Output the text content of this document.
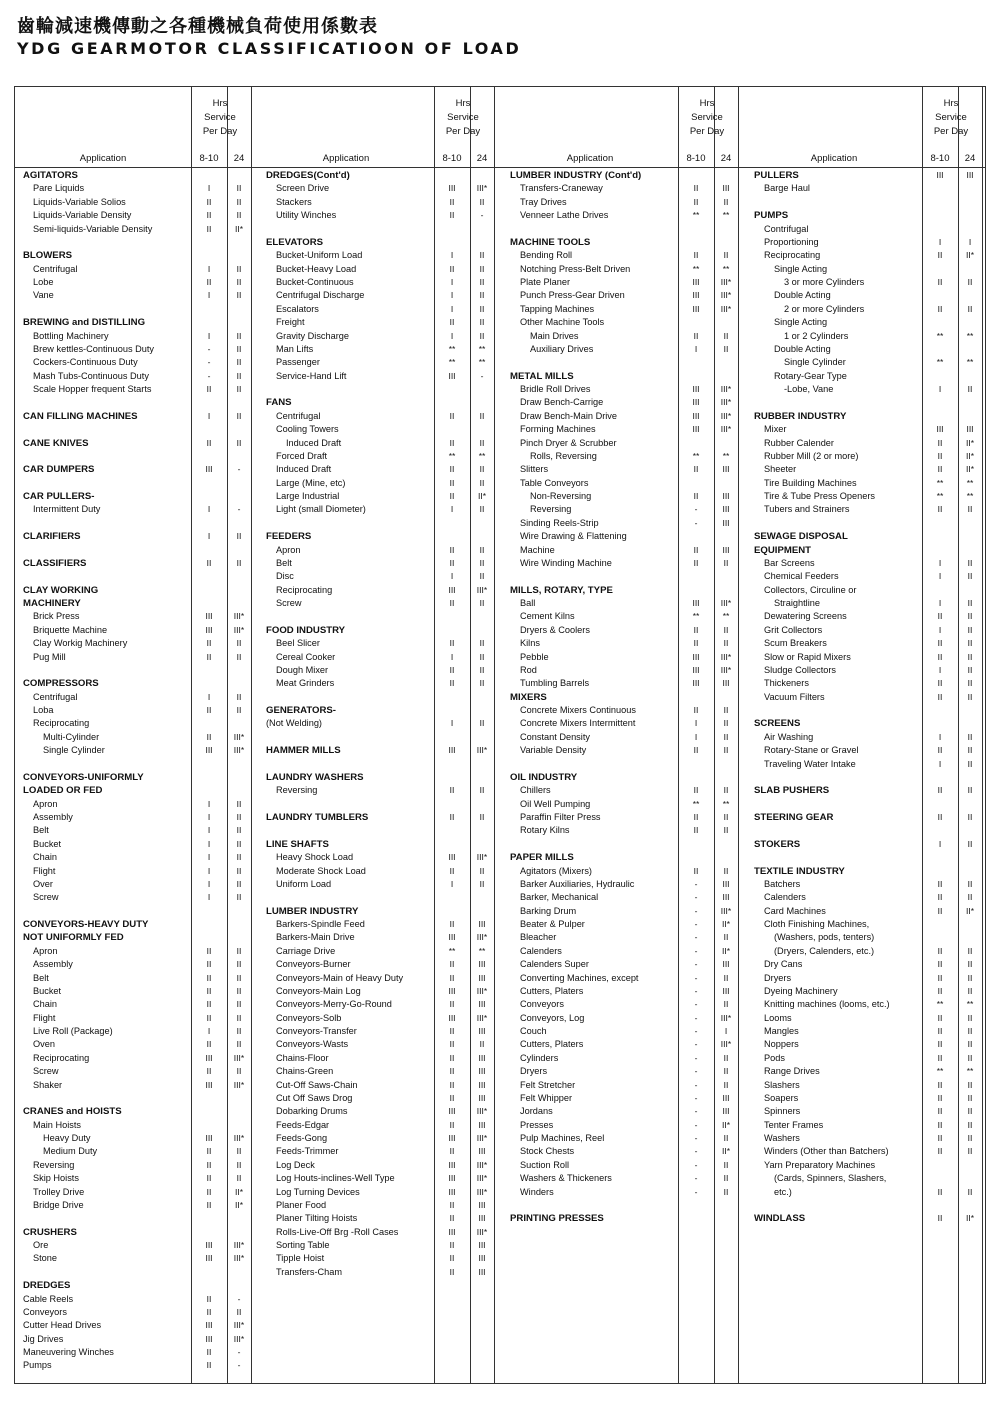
齒輪減速機傳動之各種機械負荷使用係數表
YDG GEARMOTOR CLASSIFICATIOON OF LOAD
Hrs
Service
Per Day
Application	8-10	24
AGITATORS
Pare Liquids	I	II
Liquids-Variable Solios	II	II
Liquids-Variable Density	II	II
Semi-liquids-Variable Density	II	II*
BLOWERS
Centrifugal	I	II
Lobe	II	II
Vane	I	II
BREWING and DISTILLING
Bottling Machinery	I	II
Brew kettles-Continuous Duty	-	II
Cockers-Continuous Duty	-	II
Mash Tubs-Continuous Duty	-	II
Scale Hopper frequent Starts	II	II
CAN FILLING MACHINES	I	II
CANE KNIVES	II	II
CAR DUMPERS	III	-
CAR PULLERS-
Intermittent Duty	I	-
CLARIFIERS	I	II
CLASSIFIERS	II	II
CLAY WORKING
MACHINERY
Brick Press	III	III*
Briquette Machine	III	III*
Clay Workig Machinery	II	II
Pug Mill	II	II
COMPRESSORS
Centrifugal	I	II
Loba	II	II
Reciprocating
Multi-Cylinder	II	III*
Single Cylinder	III	III*
CONVEYORS-UNIFORMLY
LOADED OR FED
Apron	I	II
Assembly	I	II
Belt	I	II
Bucket	I	II
Chain	I	II
Flight	I	II
Over	I	II
Screw	I	II
CONVEYORS-HEAVY DUTY
NOT UNIFORMLY FED
Apron	II	II
Assembly	II	II
Belt	II	II
Bucket	II	II
Chain	II	II
Flight	II	II
Live Roll (Package)	I	II
Oven	II	II
Reciprocating	III	III*
Screw	II	II
Shaker	III	III*
CRANES and HOISTS
Main Hoists
Heavy Duty	III	III*
Medium Duty	II	II
Reversing	II	II
Skip Hoists	II	II
Trolley Drive	II	II*
Bridge Drive	II	II*
CRUSHERS
Ore	III	III*
Stone	III	III*
DREDGES
Cable Reels	II	-
Conveyors	II	II
Cutter Head Drives	III	III*
Jig Drives	III	III*
Maneuvering Winches	II	-
Pumps	II	-
Hrs
Service
Per Day
Application	8-10	24
DREDGES(Cont'd)
Screen Drive	III	III*
Stackers	II	II
Utility Winches	II	-
ELEVATORS
Bucket-Uniform Load	I	II
Bucket-Heavy Load	II	II
Bucket-Continuous	I	II
Centrifugal Discharge	I	II
Escalators	I	II
Freight	II	II
Gravity Discharge	I	II
Man Lifts	**	**
Passenger	**	**
Service-Hand Lift	III	-
FANS
Centrifugal	II	II
Cooling Towers
Induced Draft	II	II
Forced Draft	**	**
Induced Draft	II	II
Large (Mine, etc)	II	II
Large Industrial	II	II*
Light (small Diometer)	I	II
FEEDERS
Apron	II	II
Belt	II	II
Disc	I	II
Reciprocating	III	III*
Screw	II	II
FOOD INDUSTRY
Beel Slicer	II	II
Cereal Cooker	I	II
Dough Mixer	II	II
Meat Grinders	II	II
GENERATORS-
(Not Welding)	I	II
HAMMER MILLS	III	III*
LAUNDRY WASHERS
Reversing	II	II
LAUNDRY TUMBLERS	II	II
LINE SHAFTS
Heavy Shock Load	III	III*
Moderate Shock Load	II	II
Uniform Load	I	II
LUMBER INDUSTRY
Barkers-Spindle Feed	II	III
Barkers-Main Drive	III	III*
Carriage Drive	**	**
Conveyors-Burner	II	III
Conveyors-Main of Heavy Duty	II	III
Conveyors-Main Log	III	III*
Conveyors-Merry-Go-Round	II	III
Conveyors-Solb	III	III*
Conveyors-Transfer	II	III
Conveyors-Wasts	II	II
Chains-Floor	II	III
Chains-Green	II	III
Cut-Off Saws-Chain	II	III
Cut Off Saws Drog	II	III
Dobarking Drums	III	III*
Feeds-Edgar	II	III
Feeds-Gong	III	III*
Feeds-Trimmer	II	III
Log Deck	III	III*
Log Houts-inclines-Well Type	III	III*
Log Turning Devices	III	III*
Planer Food	II	III
Planer Tilting Hoists	II	III
Rolls-Live-Off Brg -Roll Cases	III	III*
Sorting Table	II	III
Tipple Hoist	II	III
Transfers-Cham	II	III
Hrs
Service
Per Day
Application	8-10	24
LUMBER INDUSTRY (Cont'd)
Transfers-Craneway	II	III
Tray Drives	II	II
Venneer Lathe Drives	**	**
MACHINE TOOLS
Bending Roll	II	II
Notching Press-Belt Driven	**	**
Plate Planer	III	III*
Punch Press-Gear Driven	III	III*
Tapping Machines	III	III*
Other Machine Tools
Main Drives	II	II
Auxiliary Drives	I	II
METAL MILLS
Bridle Roll Drives	III	III*
Draw Bench-Carrige	III	III*
Draw Bench-Main Drive	III	III*
Forming Machines	III	III*
Pinch Dryer & Scrubber
Rolls, Reversing	**	**
Slitters	II	III
Table Conveyors
Non-Reversing	II	III
Reversing	-	III
Sinding Reels-Strip	-	III
Wire Drawing & Flattening
Machine	II	III
Wire Winding Machine	II	II
MILLS, ROTARY, TYPE
Ball	III	III*
Cement Kilns	**	**
Dryers & Coolers	II	II
Kilns	II	II
Pebble	III	III*
Rod	III	III*
Tumbling Barrels	III	III
MIXERS
Concrete Mixers Continuous	II	II
Concrete Mixers Intermittent	I	II
Constant Density	I	II
Variable Density	II	II
OIL INDUSTRY
Chillers	II	II
Oil Well Pumping	**	**
Paraffin Filter Press	II	II
Rotary Kilns	II	II
PAPER MILLS
Agitators (Mixers)	II	II
Barker Auxiliaries, Hydraulic	-	III
Barker, Mechanical	-	III
Barking Drum	-	III*
Beater & Pulper	-	II*
Bleacher	-	II
Calenders	-	II*
Calenders Super	-	III
Converting Machines, except	-	II
Cutters, Platers	-	III
Conveyors	-	II
Conveyors, Log	-	III*
Couch	-	I
Cutters, Platers	-	III*
Cylinders	-	II
Dryers	-	II
Felt Stretcher	-	II
Felt Whipper	-	III
Jordans	-	III
Presses	-	II*
Pulp Machines, Reel	-	II
Stock Chests	-	II*
Suction Roll	-	II
Washers & Thickeners	-	II
Winders	-	II
PRINTING PRESSES
Hrs
Service
Per Day
Application	8-10	24
PULLERS	III	III
Barge Haul
PUMPS
Contrifugal
Proportioning	I	I
Reciprocating	II	II*
Single Acting
3 or more Cylinders	II	II
Double Acting
2 or more Cylinders	II	II
Single Acting
1 or 2 Cylinders	**	**
Double Acting
Single Cylinder	**	**
Rotary-Gear Type
-Lobe, Vane	I	II
RUBBER INDUSTRY
Mixer	III	III
Rubber Calender	II	II*
Rubber Mill (2 or more)	II	II*
Sheeter	II	II*
Tire Building Machines	**	**
Tire & Tube Press Openers	**	**
Tubers and Strainers	II	II
SEWAGE DISPOSAL
EQUIPMENT
Bar Screens	I	II
Chemical Feeders	I	II
Collectors, Circuline or
Straightline	I	II
Dewatering Screens	II	II
Grit Collectors	I	II
Scum Breakers	II	II
Slow or Rapid Mixers	II	II
Sludge Collectors	I	II
Thickeners	II	II
Vacuum Filters	II	II
SCREENS
Air Washing	I	II
Rotary-Stane or Gravel	II	II
Traveling Water Intake	I	II
SLAB PUSHERS	II	II
STEERING GEAR	II	II
STOKERS	I	II
TEXTILE INDUSTRY
Batchers	II	II
Calenders	II	II
Card Machines	II	II*
Cloth Finishing Machines,
(Washers, pods, tenters)
(Dryers, Calenders, etc.)	II	II
Dry Cans	II	II
Dryers	II	II
Dyeing Machinery	II	II
Knitting machines (looms, etc.)	**	**
Looms	II	II
Mangles	II	II
Noppers	II	II
Pods	II	II
Range Drives	**	**
Slashers	II	II
Soapers	II	II
Spinners	II	II
Tenter Frames	II	II
Washers	II	II
Winders (Other than Batchers)	II	II
Yarn Preparatory Machines
(Cards, Spinners, Slashers,
etc.)	II	II
WINDLASS	II	II*
